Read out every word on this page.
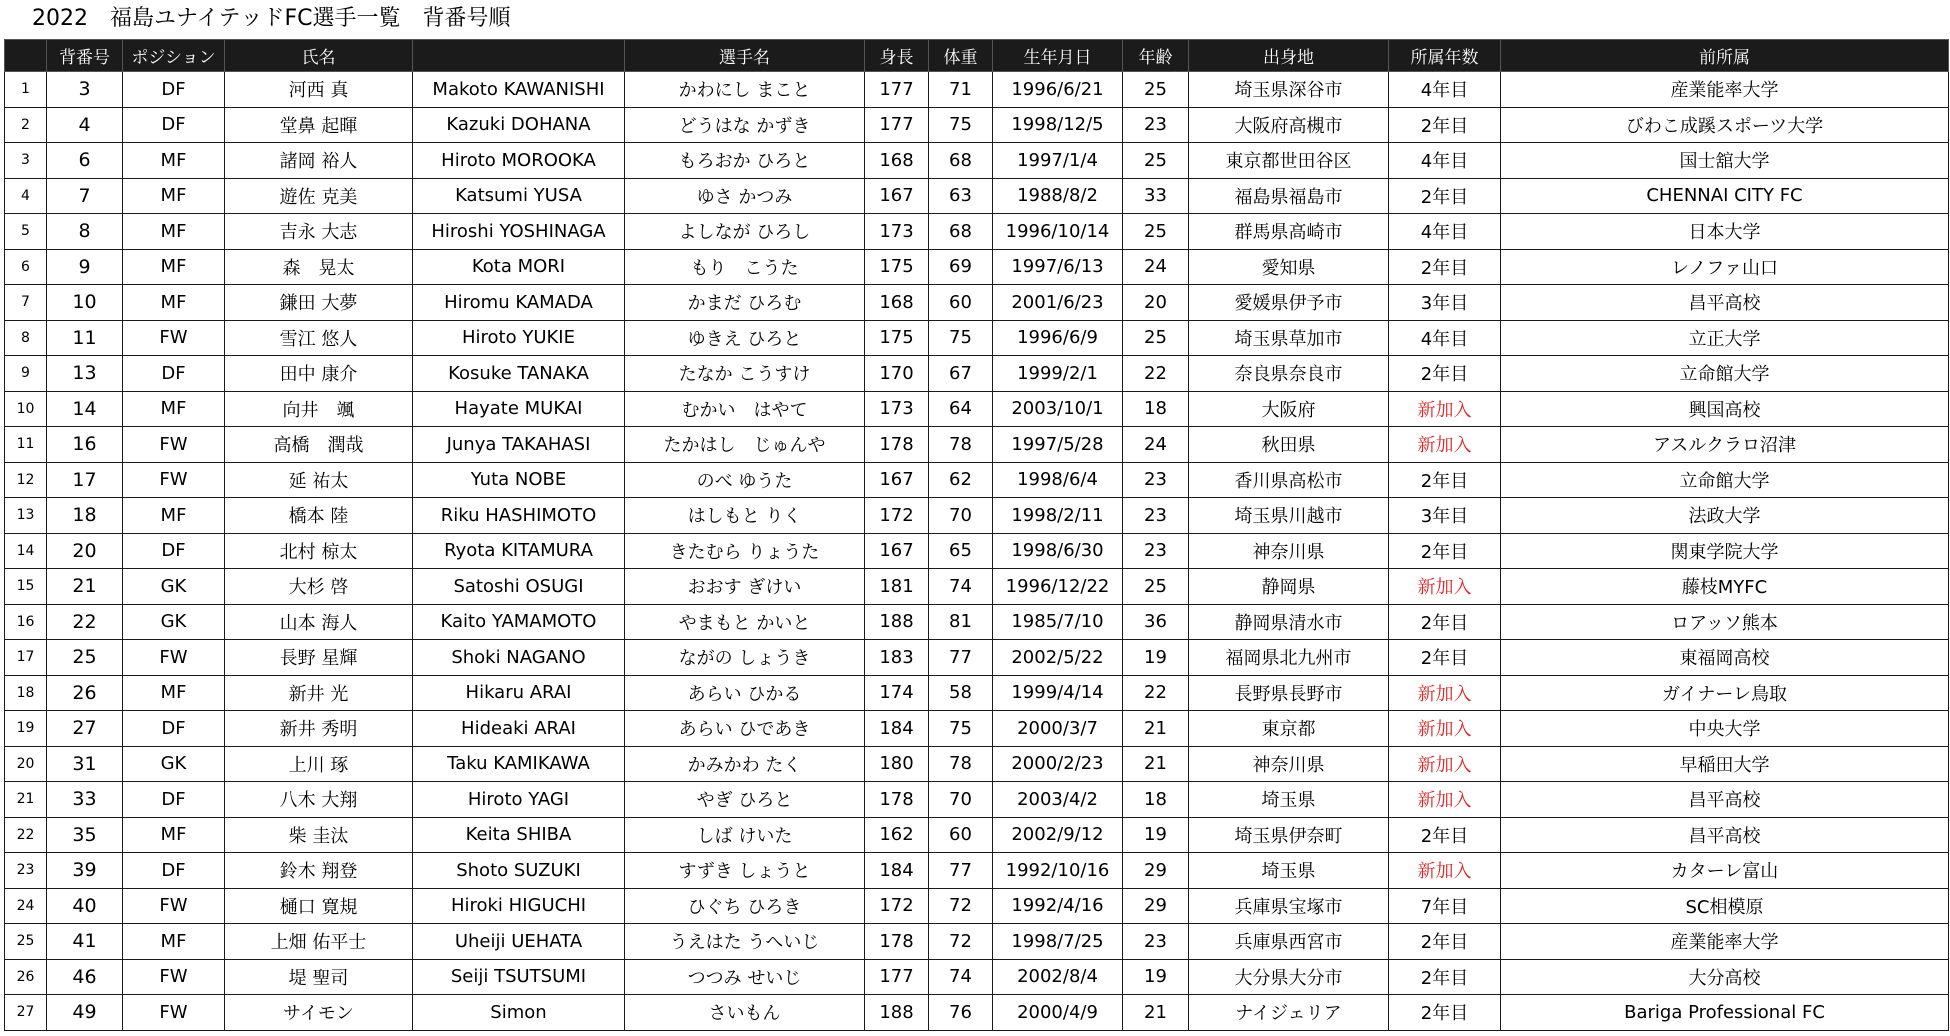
2022　福島ユナイテッドFC選手一覧　背番号順
	背番号	ポジション	氏名		選手名	身長	体重	生年月日	年齢	出身地	所属年数	前所属
1	3	DF	河西 真	Makoto KAWANISHI	かわにし まこと	177	71	1996/6/21	25	埼玉県深谷市	4年目	産業能率大学
2	4	DF	堂鼻 起暉	Kazuki DOHANA	どうはな かずき	177	75	1998/12/5	23	大阪府高槻市	2年目	びわこ成蹊スポーツ大学
3	6	MF	諸岡 裕人	Hiroto MOROOKA	もろおか ひろと	168	68	1997/1/4	25	東京都世田谷区	4年目	国士舘大学
4	7	MF	遊佐 克美	Katsumi YUSA	ゆさ かつみ	167	63	1988/8/2	33	福島県福島市	2年目	CHENNAI CITY FC
5	8	MF	吉永 大志	Hiroshi YOSHINAGA	よしなが ひろし	173	68	1996/10/14	25	群馬県高崎市	4年目	日本大学
6	9	MF	森　晃太	Kota MORI	もり　こうた	175	69	1997/6/13	24	愛知県	2年目	レノファ山口
7	10	MF	鎌田 大夢	Hiromu KAMADA	かまだ ひろむ	168	60	2001/6/23	20	愛媛県伊予市	3年目	昌平高校
8	11	FW	雪江 悠人	Hiroto YUKIE	ゆきえ ひろと	175	75	1996/6/9	25	埼玉県草加市	4年目	立正大学
9	13	DF	田中 康介	Kosuke TANAKA	たなか こうすけ	170	67	1999/2/1	22	奈良県奈良市	2年目	立命館大学
10	14	MF	向井　颯	Hayate MUKAI	むかい　はやて	173	64	2003/10/1	18	大阪府	新加入	興国高校
11	16	FW	高橋　潤哉	Junya TAKAHASI	たかはし　じゅんや	178	78	1997/5/28	24	秋田県	新加入	アスルクラロ沼津
12	17	FW	延 祐太	Yuta NOBE	のべ ゆうた	167	62	1998/6/4	23	香川県高松市	2年目	立命館大学
13	18	MF	橋本 陸	Riku HASHIMOTO	はしもと りく	172	70	1998/2/11	23	埼玉県川越市	3年目	法政大学
14	20	DF	北村 椋太	Ryota KITAMURA	きたむら りょうた	167	65	1998/6/30	23	神奈川県	2年目	関東学院大学
15	21	GK	大杉 啓	Satoshi OSUGI	おおす ぎけい	181	74	1996/12/22	25	静岡県	新加入	藤枝MYFC
16	22	GK	山本 海人	Kaito YAMAMOTO	やまもと かいと	188	81	1985/7/10	36	静岡県清水市	2年目	ロアッソ熊本
17	25	FW	長野 星輝	Shoki NAGANO	ながの しょうき	183	77	2002/5/22	19	福岡県北九州市	2年目	東福岡高校
18	26	MF	新井 光	Hikaru ARAI	あらい ひかる	174	58	1999/4/14	22	長野県長野市	新加入	ガイナーレ鳥取
19	27	DF	新井 秀明	Hideaki ARAI	あらい ひであき	184	75	2000/3/7	21	東京都	新加入	中央大学
20	31	GK	上川 琢	Taku KAMIKAWA	かみかわ たく	180	78	2000/2/23	21	神奈川県	新加入	早稲田大学
21	33	DF	八木 大翔	Hiroto YAGI	やぎ ひろと	178	70	2003/4/2	18	埼玉県	新加入	昌平高校
22	35	MF	柴 圭汰	Keita SHIBA	しば けいた	162	60	2002/9/12	19	埼玉県伊奈町	2年目	昌平高校
23	39	DF	鈴木 翔登	Shoto SUZUKI	すずき しょうと	184	77	1992/10/16	29	埼玉県	新加入	カターレ富山
24	40	FW	樋口 寛規	Hiroki HIGUCHI	ひぐち ひろき	172	72	1992/4/16	29	兵庫県宝塚市	7年目	SC相模原
25	41	MF	上畑 佑平士	Uheiji UEHATA	うえはた うへいじ	178	72	1998/7/25	23	兵庫県西宮市	2年目	産業能率大学
26	46	FW	堤 聖司	Seiji TSUTSUMI	つつみ せいじ	177	74	2002/8/4	19	大分県大分市	2年目	大分高校
27	49	FW	サイモン	Simon	さいもん	188	76	2000/4/9	21	ナイジェリア	2年目	Bariga Professional FC
